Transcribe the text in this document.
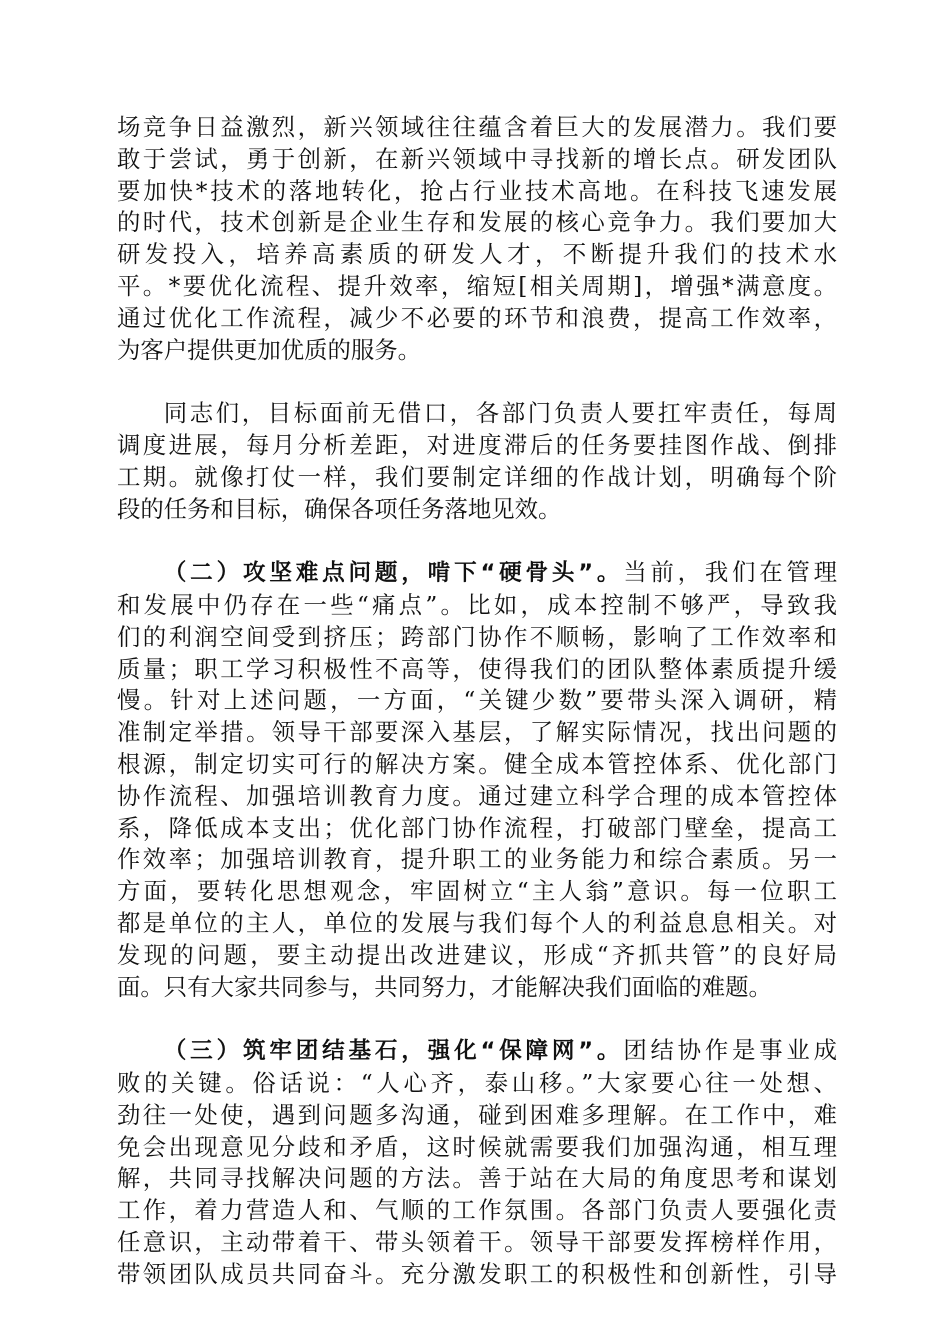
场竞争日益激烈，新兴领域往往蕴含着巨大的发展潜力。我们要
敢于尝试，勇于创新，在新兴领域中寻找新的增长点。研发团队
要加快*技术的落地转化，抢占行业技术高地。在科技飞速发展
的时代，技术创新是企业生存和发展的核心竞争力。我们要加大
研发投入，培养高素质的研发人才，不断提升我们的技术水
平。*要优化流程、提升效率，缩短[相关周期]，增强*满意度。
通过优化工作流程，减少不必要的环节和浪费，提高工作效率，
为客户提供更加优质的服务。
同志们，目标面前无借口，各部门负责人要扛牢责任，每周
调度进展，每月分析差距，对进度滞后的任务要挂图作战、倒排
工期。就像打仗一样，我们要制定详细的作战计划，明确每个阶
段的任务和目标，确保各项任务落地见效。
（二）攻坚难点问题，啃下“硬骨头”。当前，我们在管理
和发展中仍存在一些“痛点”。比如，成本控制不够严，导致我
们的利润空间受到挤压；跨部门协作不顺畅，影响了工作效率和
质量；职工学习积极性不高等，使得我们的团队整体素质提升缓
慢。针对上述问题，一方面，“关键少数”要带头深入调研，精
准制定举措。领导干部要深入基层，了解实际情况，找出问题的
根源，制定切实可行的解决方案。健全成本管控体系、优化部门
协作流程、加强培训教育力度。通过建立科学合理的成本管控体
系，降低成本支出；优化部门协作流程，打破部门壁垒，提高工
作效率；加强培训教育，提升职工的业务能力和综合素质。另一
方面，要转化思想观念，牢固树立“主人翁”意识。每一位职工
都是单位的主人，单位的发展与我们每个人的利益息息相关。对
发现的问题，要主动提出改进建议，形成“齐抓共管”的良好局
面。只有大家共同参与，共同努力，才能解决我们面临的难题。
（三）筑牢团结基石，强化“保障网”。团结协作是事业成
败的关键。俗话说：“人心齐，泰山移。”大家要心往一处想、
劲往一处使，遇到问题多沟通，碰到困难多理解。在工作中，难
免会出现意见分歧和矛盾，这时候就需要我们加强沟通，相互理
解，共同寻找解决问题的方法。善于站在大局的角度思考和谋划
工作，着力营造人和、气顺的工作氛围。各部门负责人要强化责
任意识，主动带着干、带头领着干。领导干部要发挥榜样作用，
带领团队成员共同奋斗。充分激发职工的积极性和创新性，引导
